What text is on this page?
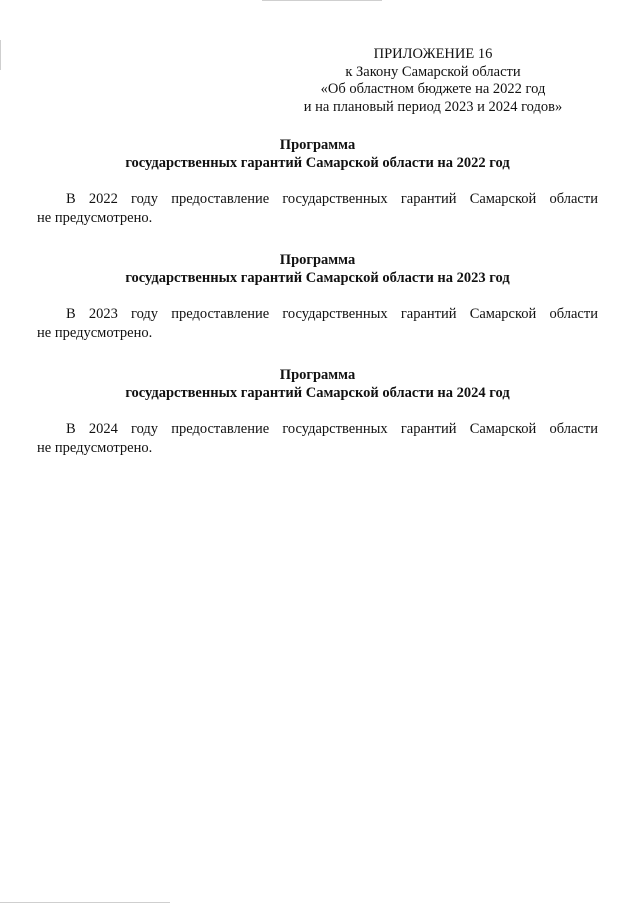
ПРИЛОЖЕНИЕ 16
к Закону Самарской области
«Об областном бюджете на 2022 год
и на плановый период 2023 и 2024 годов»
Программа
государственных гарантий Самарской области на 2022 год
В 2022 году предоставление государственных гарантий Самарской области
не предусмотрено.
Программа
государственных гарантий Самарской области на 2023 год
В 2023 году предоставление государственных гарантий Самарской области
не предусмотрено.
Программа
государственных гарантий Самарской области на 2024 год
В 2024 году предоставление государственных гарантий Самарской области
не предусмотрено.
